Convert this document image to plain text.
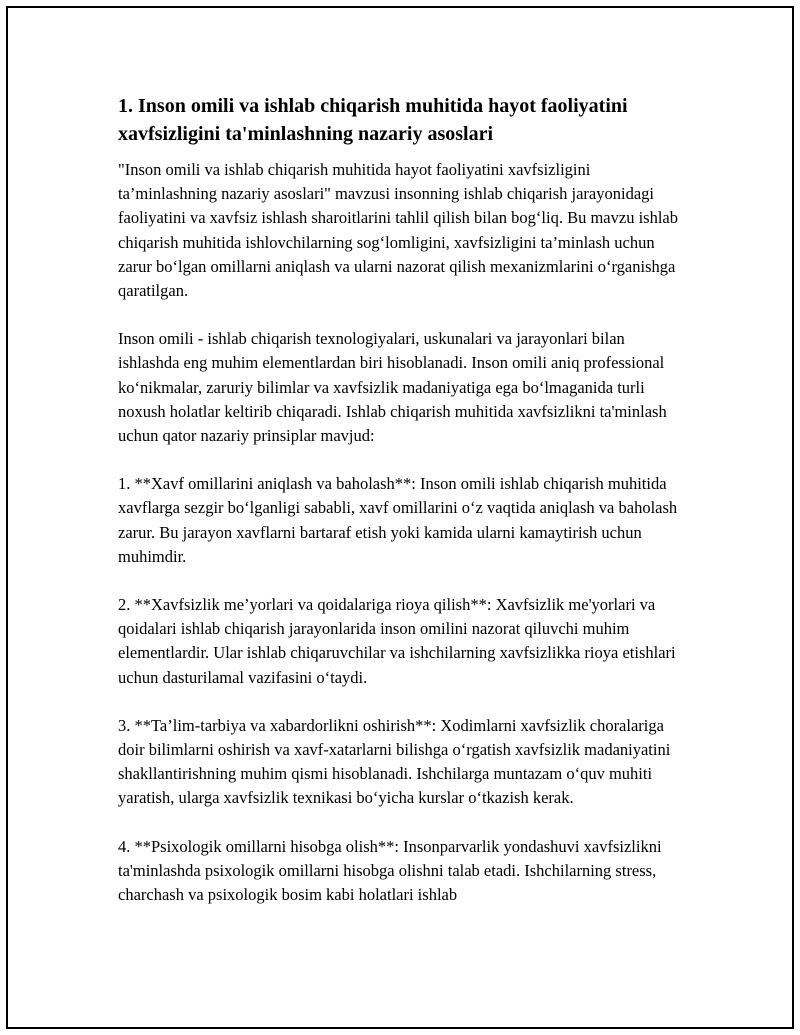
1. Inson omili va ishlab chiqarish muhitida hayot faoliyatini xavfsizligini ta'minlashning nazariy asoslari

"Inson omili va ishlab chiqarish muhitida hayot faoliyatini xavfsizligini ta’minlashning nazariy asoslari" mavzusi insonning ishlab chiqarish jarayonidagi faoliyatini va xavfsiz ishlash sharoitlarini tahlil qilish bilan bog‘liq. Bu mavzu ishlab chiqarish muhitida ishlovchilarning sog‘lomligini, xavfsizligini ta’minlash uchun zarur bo‘lgan omillarni aniqlash va ularni nazorat qilish mexanizmlarini o‘rganishga qaratilgan.

Inson omili - ishlab chiqarish texnologiyalari, uskunalari va jarayonlari bilan ishlashda eng muhim elementlardan biri hisoblanadi. Inson omili aniq professional ko‘nikmalar, zaruriy bilimlar va xavfsizlik madaniyatiga ega bo‘lmaganida turli noxush holatlar keltirib chiqaradi. Ishlab chiqarish muhitida xavfsizlikni ta'minlash uchun qator nazariy prinsiplar mavjud:

1. **Xavf omillarini aniqlash va baholash**: Inson omili ishlab chiqarish muhitida xavflarga sezgir bo‘lganligi sababli, xavf omillarini o‘z vaqtida aniqlash va baholash zarur. Bu jarayon xavflarni bartaraf etish yoki kamida ularni kamaytirish uchun muhimdir.

2. **Xavfsizlik me’yorlari va qoidalariga rioya qilish**: Xavfsizlik me'yorlari va qoidalari ishlab chiqarish jarayonlarida inson omilini nazorat qiluvchi muhim elementlardir. Ular ishlab chiqaruvchilar va ishchilarning xavfsizlikka rioya etishlari uchun dasturilamal vazifasini o‘taydi.

3. **Ta’lim-tarbiya va xabardorlikni oshirish**: Xodimlarni xavfsizlik choralariga doir bilimlarni oshirish va xavf-xatarlarni bilishga o‘rgatish xavfsizlik madaniyatini shakllantirishning muhim qismi hisoblanadi. Ishchilarga muntazam o‘quv muhiti yaratish, ularga xavfsizlik texnikasi bo‘yicha kurslar o‘tkazish kerak.

4. **Psixologik omillarni hisobga olish**: Insonparvarlik yondashuvi xavfsizlikni ta'minlashda psixologik omillarni hisobga olishni talab etadi. Ishchilarning stress, charchash va psixologik bosim kabi holatlari ishlab
